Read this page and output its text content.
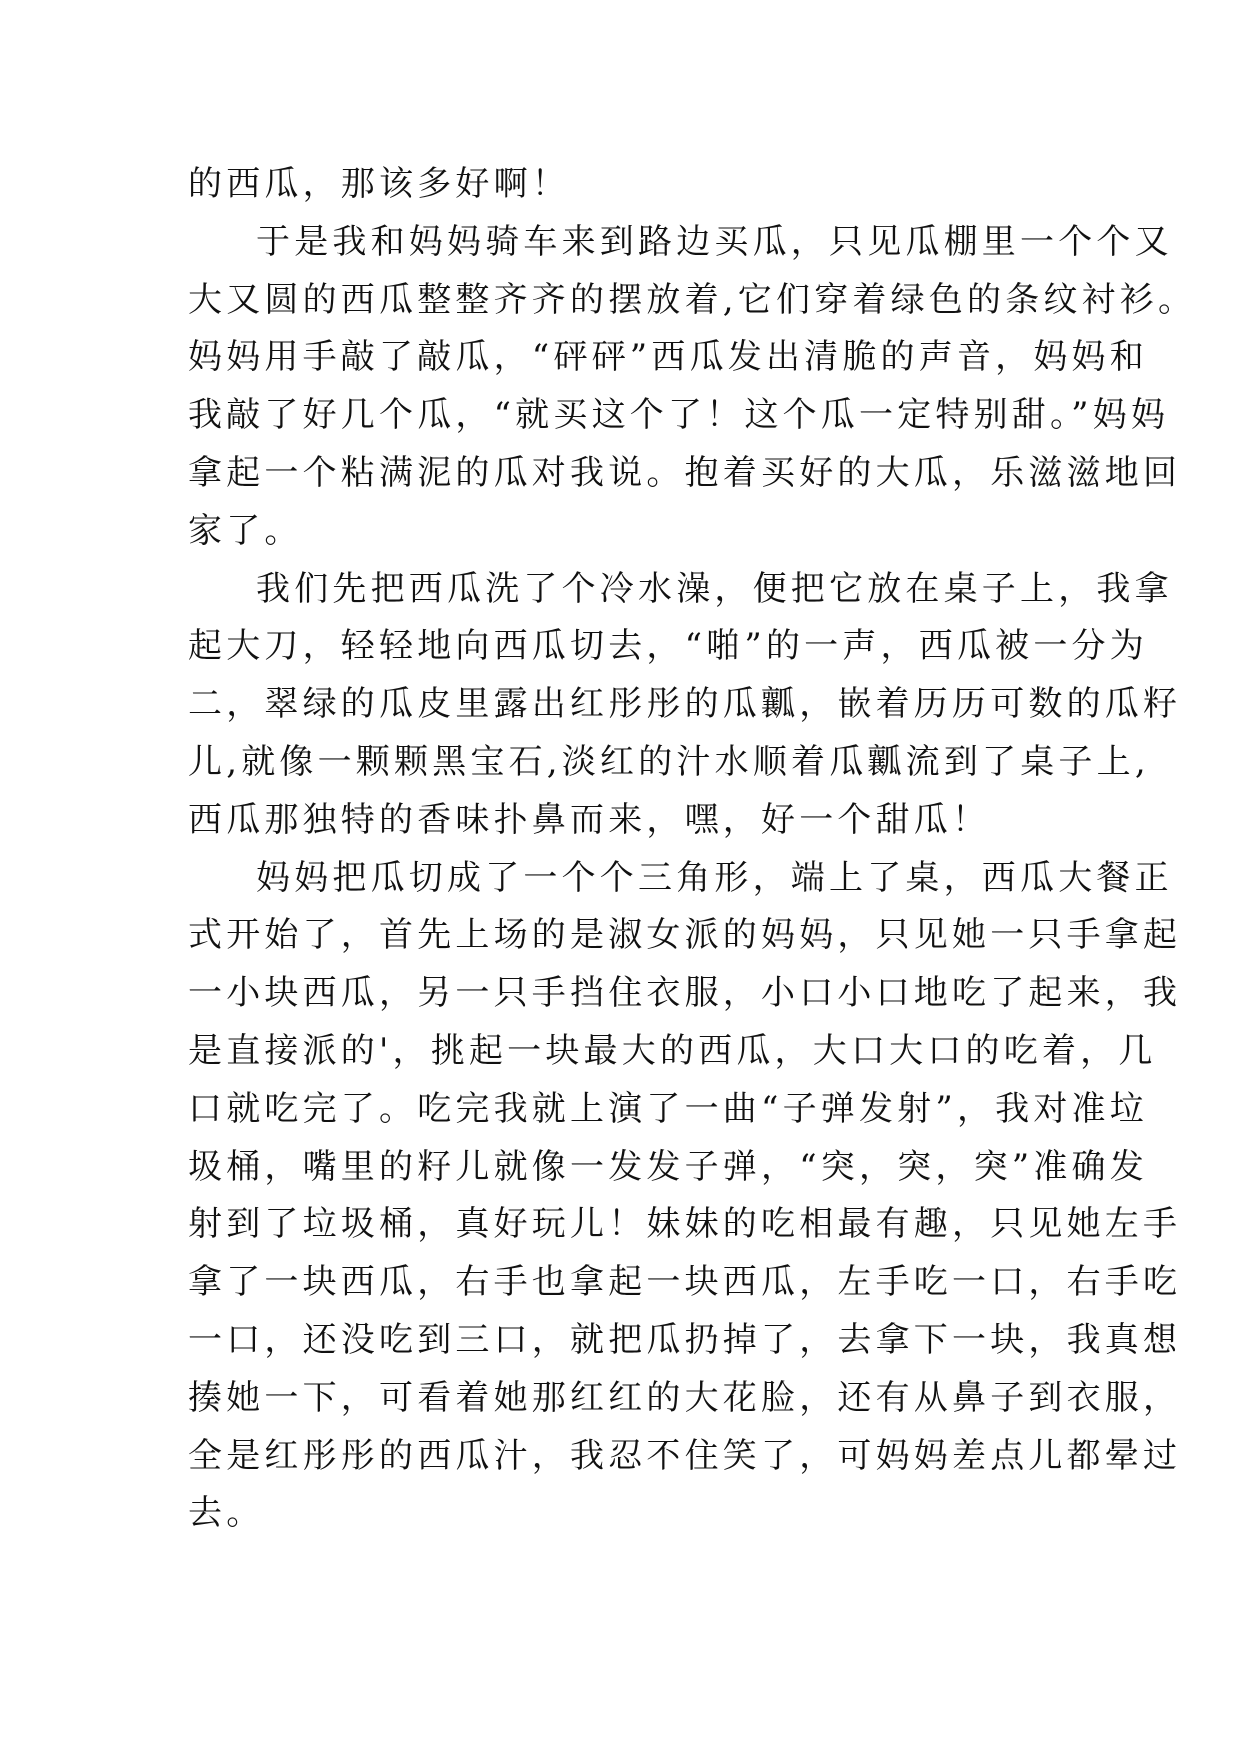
的西瓜，那该多好啊！
于是我和妈妈骑车来到路边买瓜，只见瓜棚里一个个又
大又圆的西瓜整整齐齐的摆放着,它们穿着绿色的条纹衬衫。
妈妈用手敲了敲瓜，“砰砰”西瓜发出清脆的声音，妈妈和
我敲了好几个瓜，“就买这个了！这个瓜一定特别甜。”妈妈
拿起一个粘满泥的瓜对我说。抱着买好的大瓜，乐滋滋地回
家了。
我们先把西瓜洗了个冷水澡，便把它放在桌子上，我拿
起大刀，轻轻地向西瓜切去，“啪”的一声，西瓜被一分为
二，翠绿的瓜皮里露出红彤彤的瓜瓤，嵌着历历可数的瓜籽
儿,就像一颗颗黑宝石,淡红的汁水顺着瓜瓤流到了桌子上,
西瓜那独特的香味扑鼻而来，嘿，好一个甜瓜！
妈妈把瓜切成了一个个三角形，端上了桌，西瓜大餐正
式开始了，首先上场的是淑女派的妈妈，只见她一只手拿起
一小块西瓜，另一只手挡住衣服，小口小口地吃了起来，我
是直接派的'，挑起一块最大的西瓜，大口大口的吃着，几
口就吃完了。吃完我就上演了一曲“子弹发射”，我对准垃
圾桶，嘴里的籽儿就像一发发子弹，“突，突，突”准确发
射到了垃圾桶，真好玩儿！妹妹的吃相最有趣，只见她左手
拿了一块西瓜，右手也拿起一块西瓜，左手吃一口，右手吃
一口，还没吃到三口，就把瓜扔掉了，去拿下一块，我真想
揍她一下，可看着她那红红的大花脸，还有从鼻子到衣服，
全是红彤彤的西瓜汁，我忍不住笑了，可妈妈差点儿都晕过
去。
